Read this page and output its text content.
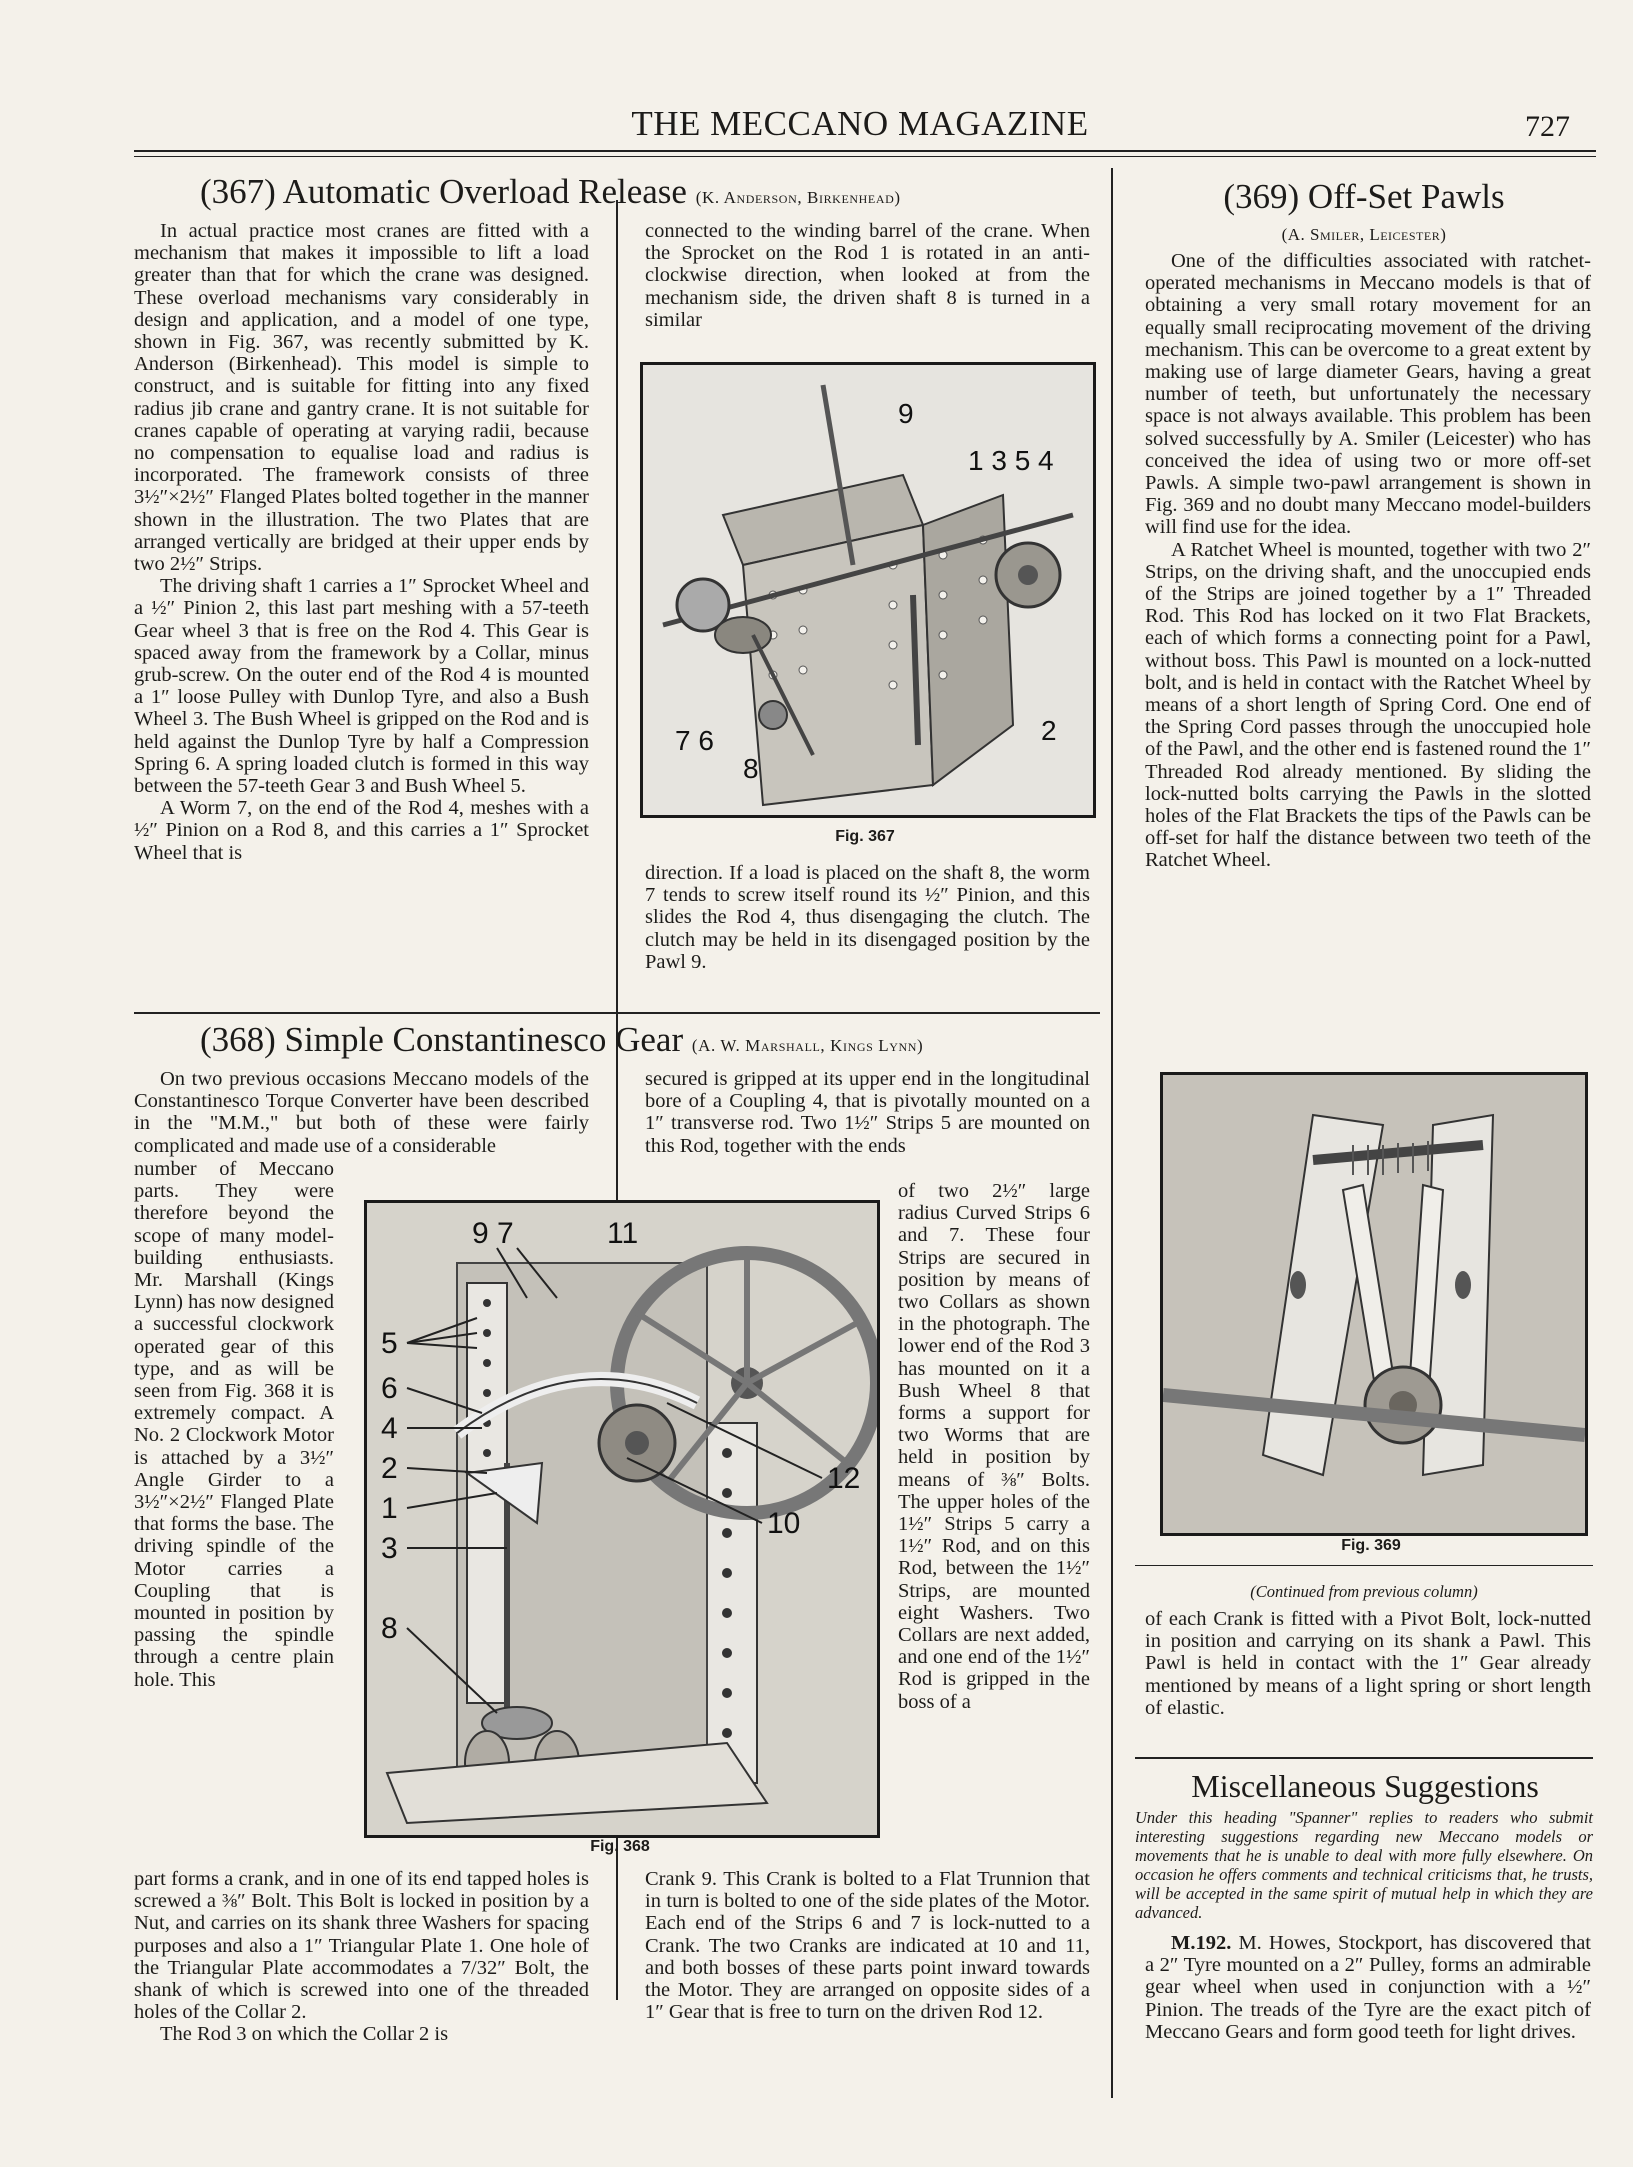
THE MECCANO MAGAZINE	727
(367) Automatic Overload Release (K. Anderson, Birkenhead)

In actual practice most cranes are fitted with a mechanism that makes it impossible to lift a load greater than that for which the crane was designed. These overload mechanisms vary considerably in design and application, and a model of one type, shown in Fig. 367, was recently submitted by K. Anderson (Birkenhead). This model is simple to construct, and is suitable for fitting into any fixed radius jib crane and gantry crane. It is not suitable for cranes capable of operating at varying radii, because no compensation to equalise load and radius is incorporated. The framework consists of three 3½″×2½″ Flanged Plates bolted together in the manner shown in the illustration. The two Plates that are arranged vertically are bridged at their upper ends by two 2½″ Strips.

The driving shaft 1 carries a 1″ Sprocket Wheel and a ½″ Pinion 2, this last part meshing with a 57-teeth Gear wheel 3 that is free on the Rod 4. This Gear is spaced away from the framework by a Collar, minus grub-screw. On the outer end of the Rod 4 is mounted a 1″ loose Pulley with Dunlop Tyre, and also a Bush Wheel 3. The Bush Wheel is gripped on the Rod and is held against the Dunlop Tyre by half a Compression Spring 6. A spring loaded clutch is formed in this way between the 57-teeth Gear 3 and Bush Wheel 5.

A Worm 7, on the end of the Rod 4, meshes with a ½″ Pinion on a Rod 8, and this carries a 1″ Sprocket Wheel that is

connected to the winding barrel of the crane. When the Sprocket on the Rod 1 is rotated in an anti-clockwise direction, when looked at from the mechanism side, the driven shaft 8 is turned in a similar

9
1 3 5 4
7 6
8
2
Fig. 367

direction. If a load is placed on the shaft 8, the worm 7 tends to screw itself round its ½″ Pinion, and this slides the Rod 4, thus disengaging the clutch. The clutch may be held in its disengaged position by the Pawl 9.

(369) Off-Set Pawls
(A. Smiler, Leicester)

One of the difficulties associated with ratchet-operated mechanisms in Meccano models is that of obtaining a very small rotary movement for an equally small reciprocating movement of the driving mechanism. This can be overcome to a great extent by making use of large diameter Gears, having a great number of teeth, but unfortunately the necessary space is not always available. This problem has been solved successfully by A. Smiler (Leicester) who has conceived the idea of using two or more off-set Pawls. A simple two-pawl arrangement is shown in Fig. 369 and no doubt many Meccano model-builders will find use for the idea.

A Ratchet Wheel is mounted, together with two 2″ Strips, on the driving shaft, and the unoccupied ends of the Strips are joined together by a 1″ Threaded Rod. This Rod has locked on it two Flat Brackets, each of which forms a connecting point for a Pawl, without boss. This Pawl is mounted on a lock-nutted bolt, and is held in contact with the Ratchet Wheel by means of a short length of Spring Cord. One end of the Spring Cord passes through the unoccupied hole of the Pawl, and the other end is fastened round the 1″ Threaded Rod already mentioned. By sliding the lock-nutted bolts carrying the Pawls in the slotted holes of the Flat Brackets the tips of the Pawls can be off-set for half the distance between two teeth of the Ratchet Wheel.

Fig. 369
(Continued from previous column)

of each Crank is fitted with a Pivot Bolt, lock-nutted in position and carrying on its shank a Pawl. This Pawl is held in contact with the 1″ Gear already mentioned by means of a light spring or short length of elastic.

Miscellaneous Suggestions
Under this heading "Spanner" replies to readers who submit interesting suggestions regarding new Meccano models or movements that he is unable to deal with more fully elsewhere. On occasion he offers comments and technical criticisms that, he trusts, will be accepted in the same spirit of mutual help in which they are advanced.

M.192. M. Howes, Stockport, has discovered that a 2″ Tyre mounted on a 2″ Pulley, forms an admirable gear wheel when used in conjunction with a ½″ Pinion. The treads of the Tyre are the exact pitch of Meccano Gears and form good teeth for light drives.

(368) Simple Constantinesco Gear (A. W. Marshall, Kings Lynn)

On two previous occasions Meccano models of the Constantinesco Torque Converter have been described in the "M.M.," but both of these were fairly complicated and made use of a considerable

number of Meccano parts. They were therefore beyond the scope of many model-building enthusiasts. Mr. Marshall (Kings Lynn) has now designed a successful clockwork operated gear of this type, and as will be seen from Fig. 368 it is extremely compact. A No. 2 Clockwork Motor is attached by a 3½″ Angle Girder to a 3½″×2½″ Flanged Plate that forms the base. The driving spindle of the Motor carries a Coupling that is mounted in position by passing the spindle through a centre plain hole. This

part forms a crank, and in one of its end tapped holes is screwed a ⅜″ Bolt. This Bolt is locked in position by a Nut, and carries on its shank three Washers for spacing purposes and also a 1″ Triangular Plate 1. One hole of the Triangular Plate accommodates a 7/32″ Bolt, the shank of which is screwed into one of the threaded holes of the Collar 2.

The Rod 3 on which the Collar 2 is

secured is gripped at its upper end in the longitudinal bore of a Coupling 4, that is pivotally mounted on a 1″ transverse rod. Two 1½″ Strips 5 are mounted on this Rod, together with the ends

of two 2½″ large radius Curved Strips 6 and 7. These four Strips are secured in position by means of two Collars as shown in the photograph. The lower end of the Rod 3 has mounted on it a Bush Wheel 8 that forms a support for two Worms that are held in position by means of ⅜″ Bolts. The upper holes of the 1½″ Strips 5 carry a 1½″ Rod, and on this Rod, between the 1½″ Strips, are mounted eight Washers. Two Collars are next added, and one end of the 1½″ Rod is gripped in the boss of a

Crank 9. This Crank is bolted to a Flat Trunnion that in turn is bolted to one of the side plates of the Motor. Each end of the Strips 6 and 7 is lock-nutted to a Crank. The two Cranks are indicated at 10 and 11, and both bosses of these parts point inward towards the Motor. They are arranged on opposite sides of a 1″ Gear that is free to turn on the driven Rod 12.

9 7	11
5
6
4
2
1
3
8
12
10
Fig. 368
